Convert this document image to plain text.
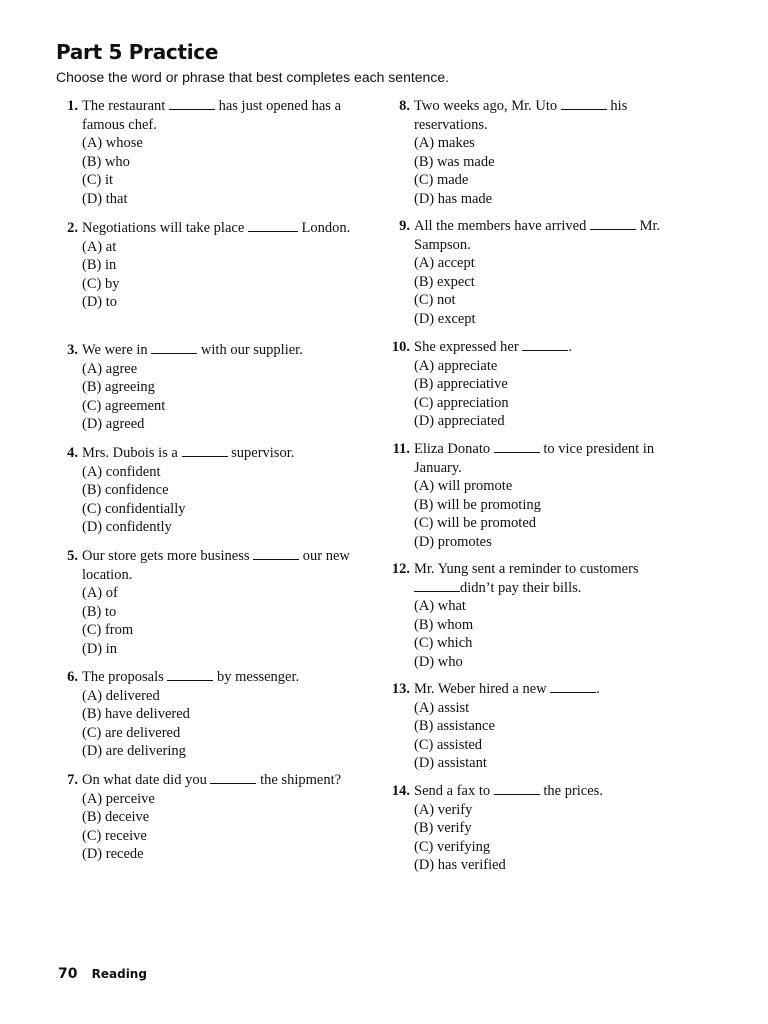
Part 5 Practice
Choose the word or phrase that best completes each sentence.
1. The restaurant	has just opened has a famous chef.
(A) whose
(B) who
(C) it
(D) that
2. Negotiations will take place	London.
(A) at
(B) in
(C) by
(D) to
3. We were in	with our supplier.
(A) agree
(B) agreeing
(C) agreement
(D) agreed
4. Mrs. Dubois is a	supervisor.
(A) confident
(B) confidence
(C) confidentially
(D) confidently
5. Our store gets more business	our new location.
(A) of
(B) to
(C) from
(D) in
6. The proposals	by messenger.
(A) delivered
(B) have delivered
(C) are delivered
(D) are delivering
7. On what date did you	the shipment?
(A) perceive
(B) deceive
(C) receive
(D) recede
8. Two weeks ago, Mr. Uto	his reservations.
(A) makes
(B) was made
(C) made
(D) has made
9. All the members have arrived	Mr. Sampson.
(A) accept
(B) expect
(C) not
(D) except
10. She expressed her	.
(A) appreciate
(B) appreciative
(C) appreciation
(D) appreciated
11. Eliza Donato	to vice president in January.
(A) will promote
(B) will be promoting
(C) will be promoted
(D) promotes
12. Mr. Yung sent a reminder to customers didn’t pay their bills.
(A) what
(B) whom
(C) which
(D) who
13. Mr. Weber hired a new	.
(A) assist
(B) assistance
(C) assisted
(D) assistant
14. Send a fax to	the prices.
(A) verify
(B) verify
(C) verifying
(D) has verified
70 Reading
